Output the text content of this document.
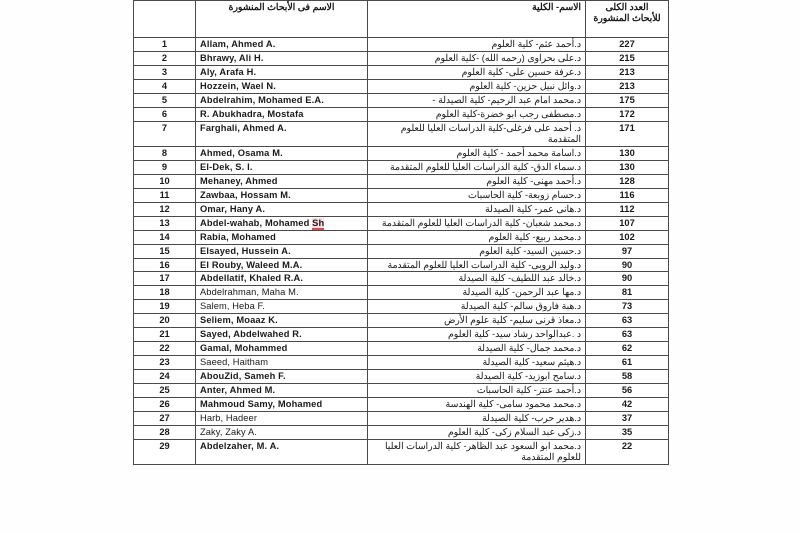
	الاسم فى الأبحاث المنشورة	الاسم- الكلية	العدد الكلى للأبحاث المنشورة
1	Allam, Ahmed A.	د.أحمد عثم- كلية العلوم	227
2	Bhrawy, Ali H.	د.على بحراوى (رحمه الله) -كلية العلوم	215
3	Aly, Arafa H.	د.عرفة حسين على- كلية العلوم	213
4	Hozzein, Wael N.	د.وائل نبيل حزين- كلية العلوم	213
5	Abdelrahim, Mohamed E.A.	د.محمد امام عبد الرحيم- كلية الصيدلة -	175
6	R. Abukhadra, Mostafa	د.مصطفى رجب ابو خضرة-كلية العلوم	172
7	Farghali, Ahmed A.	د. أحمد على فرغلى-كلية الدراسات العليا للعلوم المتقدمة	171
8	Ahmed, Osama M.	د.اسامة محمد أحمد - كلية العلوم	130
9	El-Dek, S. I.	د.سماء الدق- كلية الدراسات العليا للعلوم المتقدمة	130
10	Mehaney, Ahmed	د.أحمد مهنى- كلية العلوم	128
11	Zawbaa, Hossam M.	د.حسام زوبعة- كلية الحاسبات	116
12	Omar, Hany A.	د.هانى عمر- كلية الصيدلة	112
13	Abdel-wahab, Mohamed Sh	د.محمد شعبان- كلية الدراسات العليا للعلوم المتقدمة	107
14	Rabia, Mohamed	د.محمد ربيع- كلية العلوم	102
15	Elsayed, Hussein A.	د.حسين السيد- كلية العلوم	97
16	El Rouby, Waleed M.A.	د.وليد الروبى- كلية الدراسات العليا للعلوم المتقدمة	90
17	Abdellatif, Khaled R.A.	د.خالد عبد اللطيف- كلية الصيدلة	90
18	Abdelrahman, Maha M.	د.مها عبد الرحمن- كلية الصيدلة	81
19	Salem, Heba F.	د.هبة فاروق سالم- كلية الصيدلة	73
20	Seliem, Moaaz K.	د.معاذ قرنى سليم- كلية علوم الأرض	63
21	Sayed, Abdelwahed R.	د .عبدالواحد رشاد سيد- كلية العلوم	63
22	Gamal, Mohammed	د.محمد جمال- كلية الصيدلة	62
23	Saeed, Haitham	د.هيثم سعيد- كلية الصيدلة	61
24	AbouZid, Sameh F.	د.سامح ابوزيد- كلية الصيدلة	58
25	Anter, Ahmed M.	د.أحمد عنتر- كلية الحاسبات	56
26	Mahmoud Samy, Mohamed	د.محمد محمود سامى- كلية الهندسة	42
27	Harb, Hadeer	د.هدير حرب- كلية الصيدلة	37
28	Zaky, Zaky A.	د.زكى عبد السلام زكى- كلية العلوم	35
29	Abdelzaher, M. A.	د.محمد ابو السعود عبد الظاهر- كلية الدراسات العليا للعلوم المتقدمة	22
